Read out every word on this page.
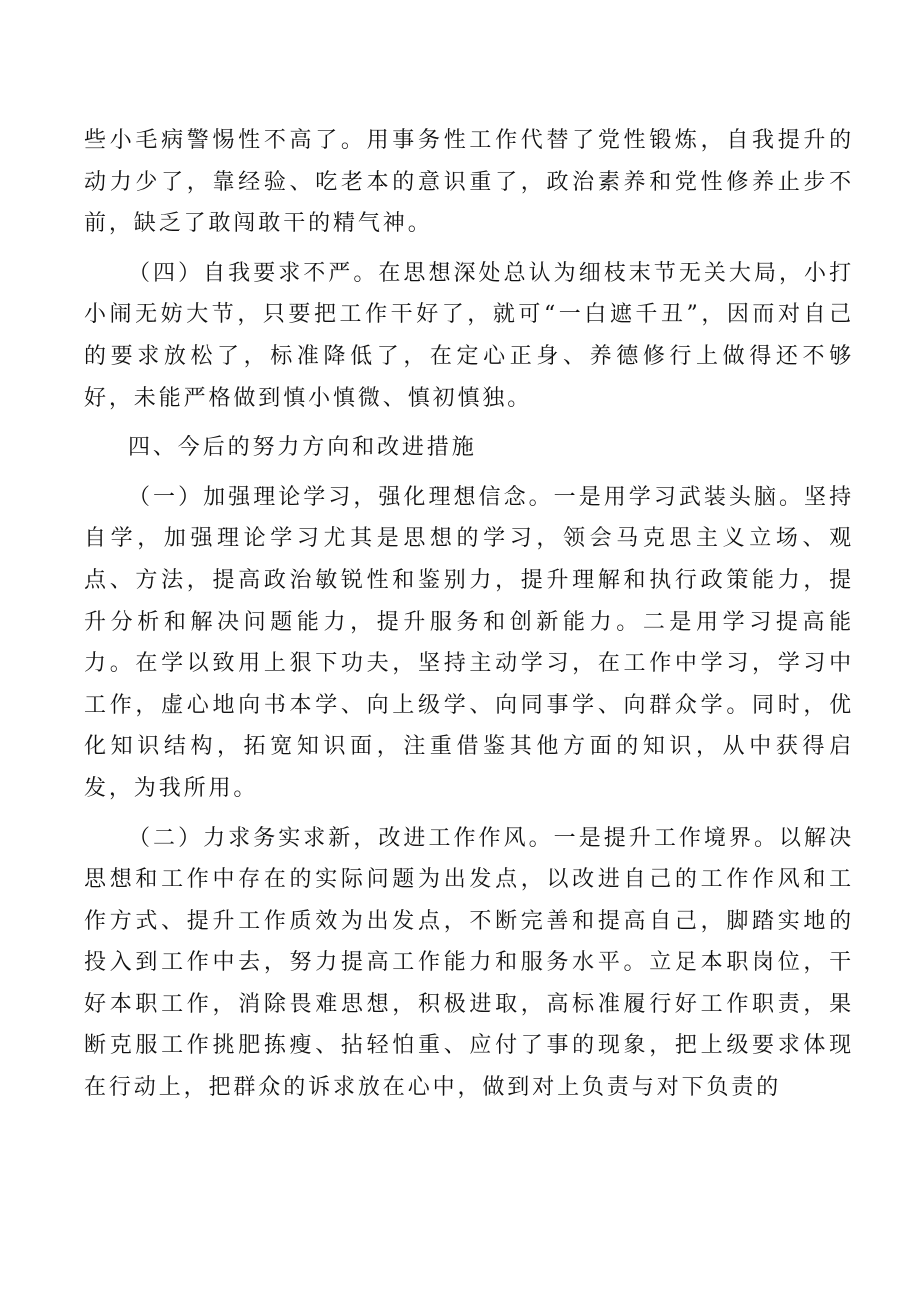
些小毛病警惕性不高了。用事务性工作代替了党性锻炼，自我提升的动力少了，靠经验、吃老本的意识重了，政治素养和党性修养止步不前，缺乏了敢闯敢干的精气神。

（四）自我要求不严。在思想深处总认为细枝末节无关大局，小打小闹无妨大节，只要把工作干好了，就可“一白遮千丑”，因而对自己的要求放松了，标准降低了，在定心正身、养德修行上做得还不够好，未能严格做到慎小慎微、慎初慎独。

四、今后的努力方向和改进措施

（一）加强理论学习，强化理想信念。一是用学习武装头脑。坚持自学，加强理论学习尤其是思想的学习，领会马克思主义立场、观点、方法，提高政治敏锐性和鉴别力，提升理解和执行政策能力，提升分析和解决问题能力，提升服务和创新能力。二是用学习提高能力。在学以致用上狠下功夫，坚持主动学习，在工作中学习，学习中工作，虚心地向书本学、向上级学、向同事学、向群众学。同时，优化知识结构，拓宽知识面，注重借鉴其他方面的知识，从中获得启发，为我所用。

（二）力求务实求新，改进工作作风。一是提升工作境界。以解决思想和工作中存在的实际问题为出发点，以改进自己的工作作风和工作方式、提升工作质效为出发点，不断完善和提高自己，脚踏实地的投入到工作中去，努力提高工作能力和服务水平。立足本职岗位，干好本职工作，消除畏难思想，积极进取，高标准履行好工作职责，果断克服工作挑肥拣瘦、拈轻怕重、应付了事的现象，把上级要求体现在行动上，把群众的诉求放在心中，做到对上负责与对下负责的
